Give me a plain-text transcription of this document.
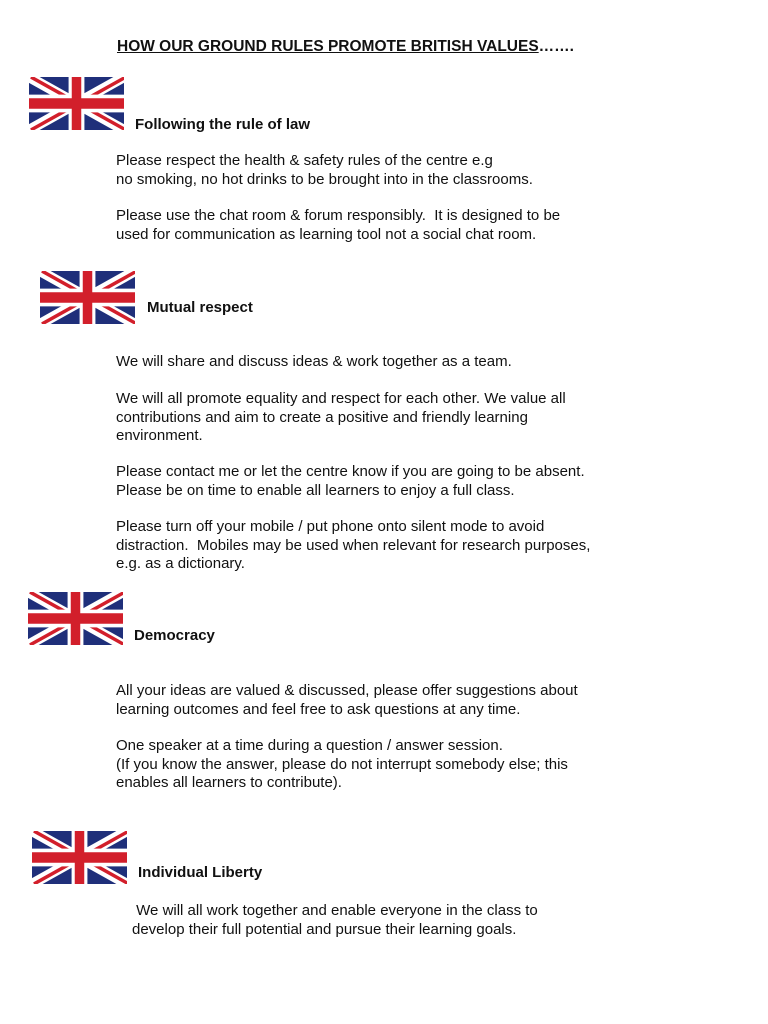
HOW OUR GROUND RULES PROMOTE BRITISH VALUES…….
Following the rule of law

Please respect the health & safety rules of the centre e.g
no smoking, no hot drinks to be brought into in the classrooms.

Please use the chat room & forum responsibly.  It is designed to be
used for communication as learning tool not a social chat room.

Mutual respect

We will share and discuss ideas & work together as a team.

We will all promote equality and respect for each other. We value all
contributions and aim to create a positive and friendly learning
environment.

Please contact me or let the centre know if you are going to be absent.
Please be on time to enable all learners to enjoy a full class.

Please turn off your mobile / put phone onto silent mode to avoid
distraction.  Mobiles may be used when relevant for research purposes,
e.g. as a dictionary.

Democracy

All your ideas are valued & discussed, please offer suggestions about
learning outcomes and feel free to ask questions at any time.

One speaker at a time during a question / answer session.
(If you know the answer, please do not interrupt somebody else; this
enables all learners to contribute).

Individual Liberty

We will all work together and enable everyone in the class to
develop their full potential and pursue their learning goals.
